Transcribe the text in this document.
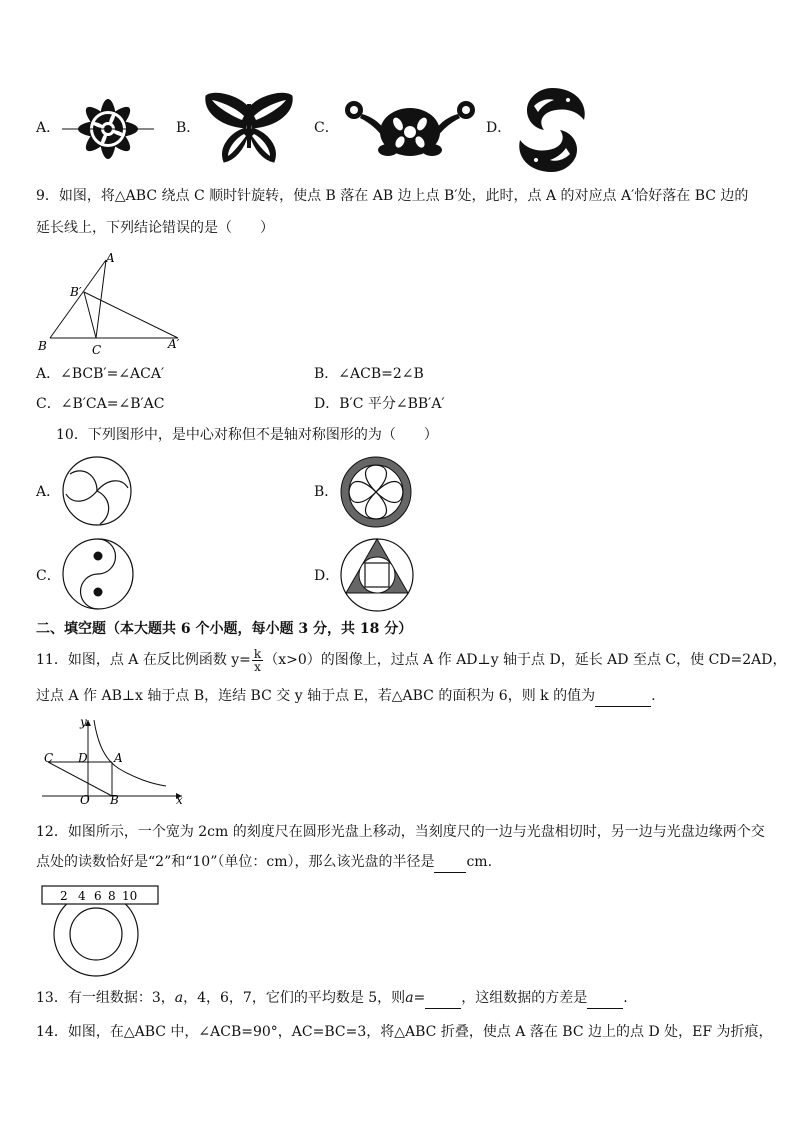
A．	B．	C．	D．
9．如图，将△ABC 绕点 C 顺时针旋转，使点 B 落在 AB 边上点 B′处，此时，点 A 的对应点 A′恰好落在 BC 边的
延长线上，下列结论错误的是（　　）
A
B′
B	C	A′
A．∠BCB′=∠ACA′	B．∠ACB=2∠B
C．∠B′CA=∠B′AC	D．B′C 平分∠BB′A′
10．下列图形中，是中心对称但不是轴对称图形的为（　　）
A．	B．
C．	D．
二、填空题（本大题共 6 个小题，每小题 3 分，共 18 分）
11．如图，点 A 在反比例函数 $y= \frac{k}{x} (x>0)$的图像上，过点 A 作 AD⊥y 轴于点 D，延长 AD 至点 C，使 CD=2AD，
过点 A 作 AB⊥x 轴于点 B，连结 BC 交 y 轴于点 E，若△ABC 的面积为 6，则 k 的值为	.
y
x
C D A
O B
12．如图所示，一个宽为 2cm 的刻度尺在圆形光盘上移动，当刻度尺的一边与光盘相切时，另一边与光盘边缘两个交
点处的读数恰好是“2”和“10”（单位：cm），那么该光盘的半径是 cm.
2 4 6 8 10
13．有一组数据：3，a，4，6，7，它们的平均数是 5，则a=	，这组数据的方差是	.
14．如图，在△ABC 中，∠ACB=90°，AC=BC=3，将△ABC 折叠，使点 A 落在 BC 边上的点 D 处，EF 为折痕，
